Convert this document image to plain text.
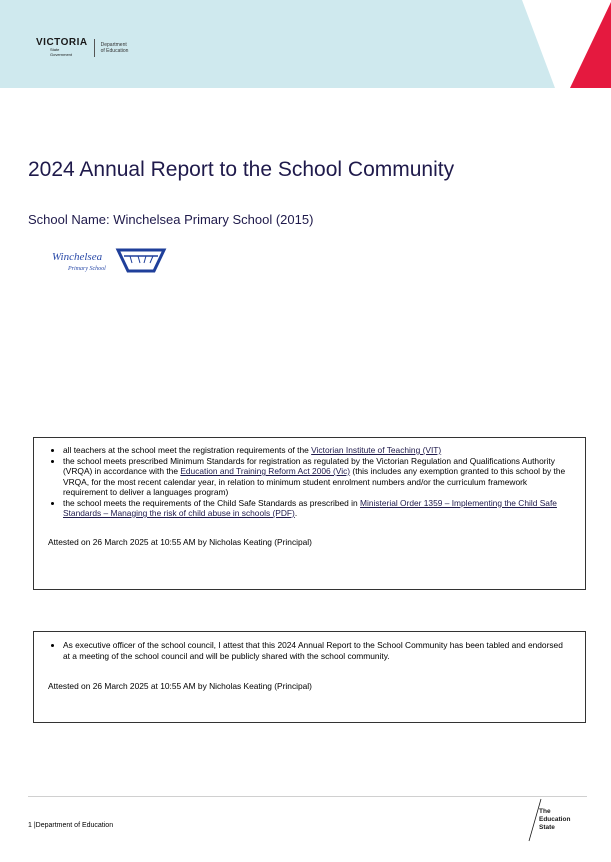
VICTORIA
State
Government
Department
of Education
2024 Annual Report to the School Community
School Name: Winchelsea Primary School (2015)
Winchelsea
Primary School
• all teachers at the school meet the registration requirements of the Victorian Institute of Teaching (VIT)
• the school meets prescribed Minimum Standards for registration as regulated by the Victorian Regulation and Qualifications Authority (VRQA) in accordance with the Education and Training Reform Act 2006 (Vic) (this includes any exemption granted to this school by the VRQA, for the most recent calendar year, in relation to minimum student enrolment numbers and/or the curriculum framework requirement to deliver a languages program)
• the school meets the requirements of the Child Safe Standards as prescribed in Ministerial Order 1359 – Implementing the Child Safe Standards – Managing the risk of child abuse in schools (PDF).
Attested on 26 March 2025 at 10:55 AM by Nicholas Keating (Principal)
• As executive officer of the school council, I attest that this 2024 Annual Report to the School Community has been tabled and endorsed at a meeting of the school council and will be publicly shared with the school community.
Attested on 26 March 2025 at 10:55 AM by Nicholas Keating (Principal)
1 |Department of Education
The
Education
State
